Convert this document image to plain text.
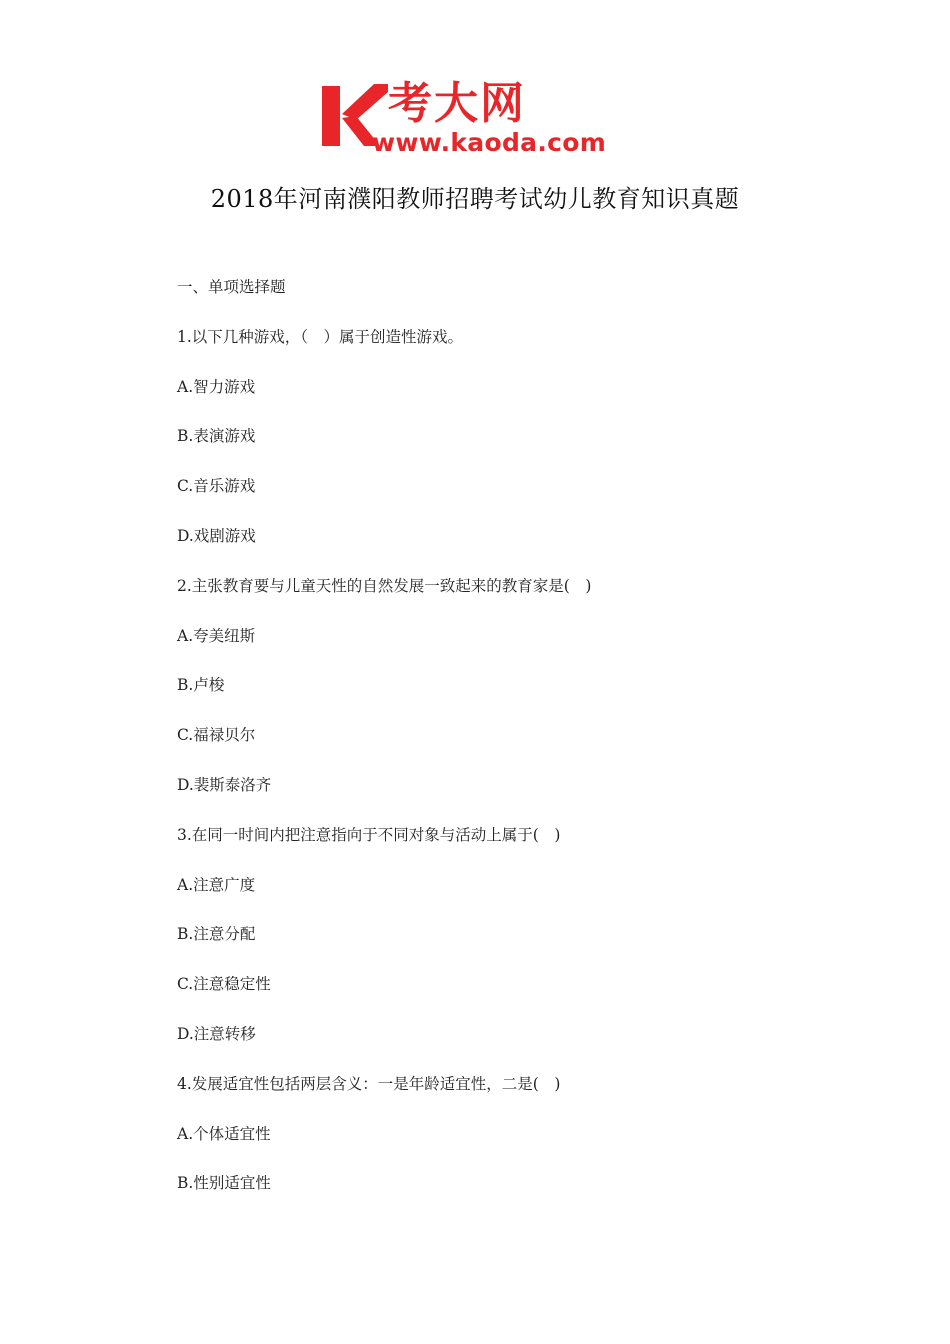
考大网
www.kaoda.com
2018年河南濮阳教师招聘考试幼儿教育知识真题
一、单项选择题
1.以下几种游戏，（　）属于创造性游戏。
A.智力游戏
B.表演游戏
C.音乐游戏
D.戏剧游戏
2.主张教育要与儿童天性的自然发展一致起来的教育家是(　)
A.夸美纽斯
B.卢梭
C.福禄贝尔
D.裴斯泰洛齐
3.在同一时间内把注意指向于不同对象与活动上属于(　)
A.注意广度
B.注意分配
C.注意稳定性
D.注意转移
4.发展适宜性包括两层含义：一是年龄适宜性，二是(　)
A.个体适宜性
B.性别适宜性
